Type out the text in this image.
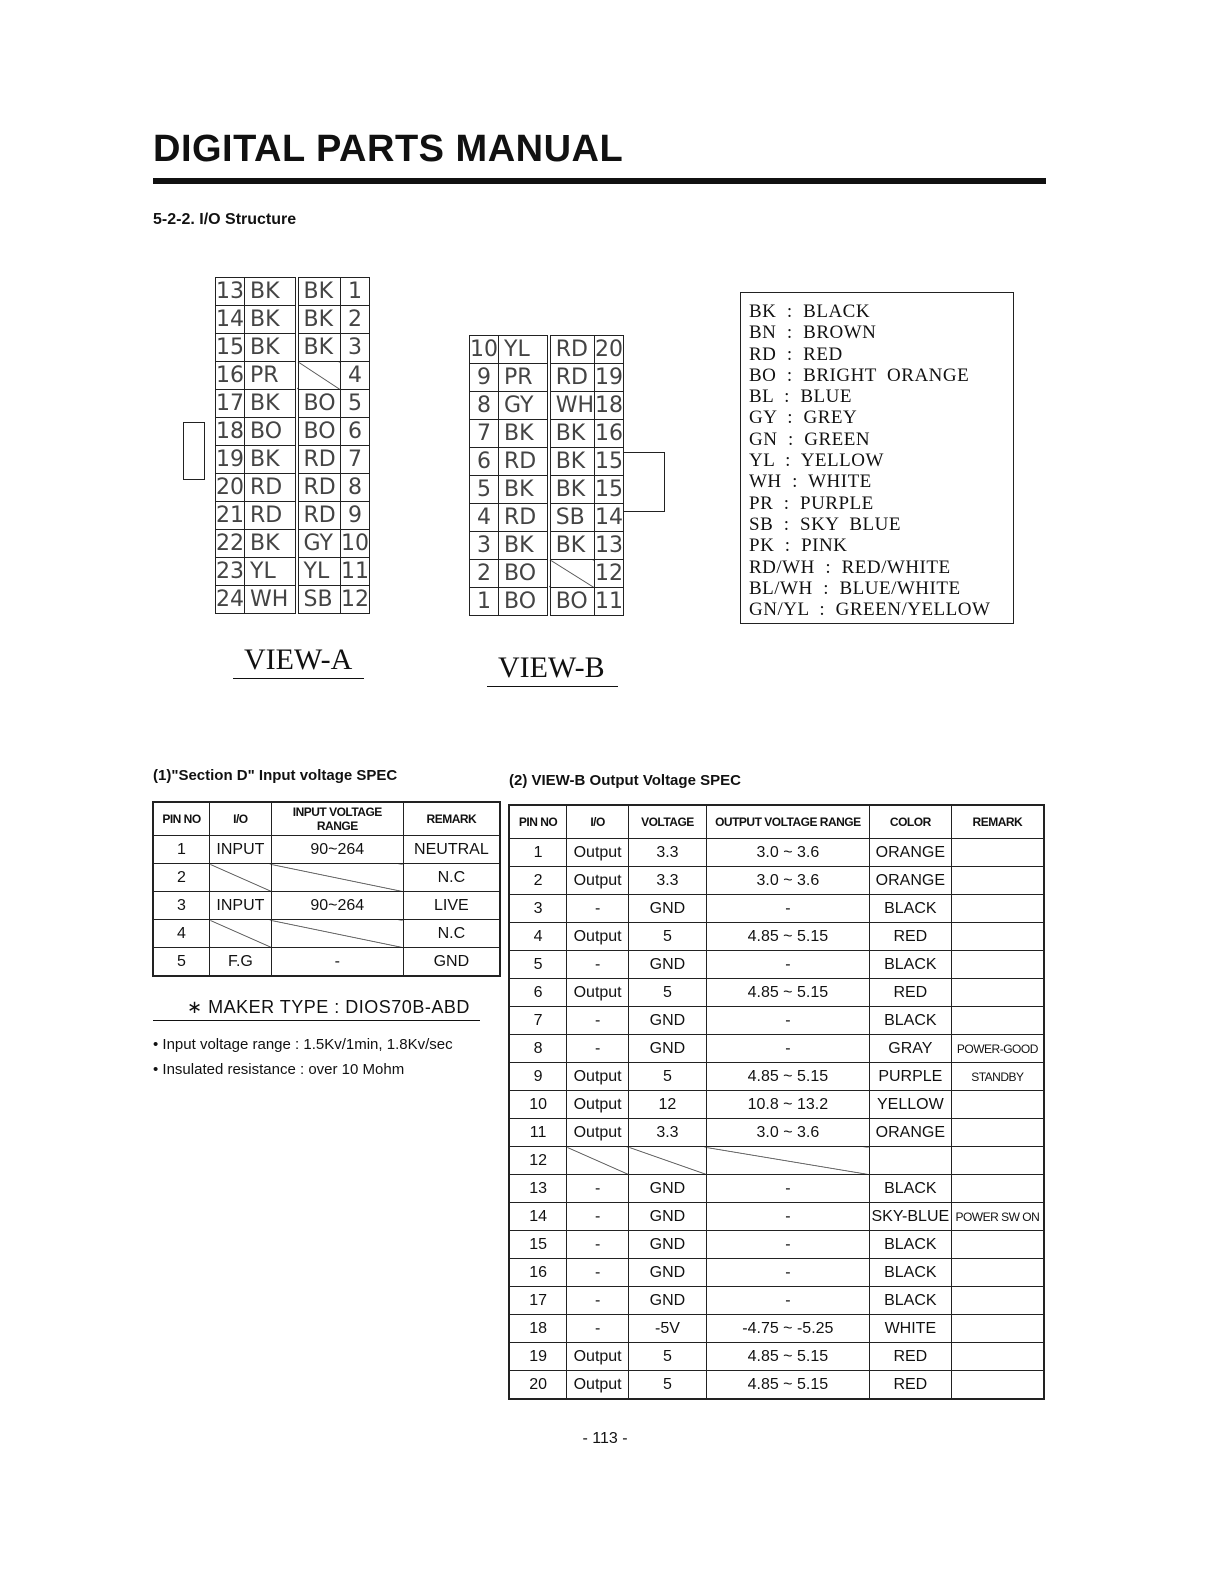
DIGITAL PARTS MANUAL
5-2-2. I/O Structure
13	BK	BK	1
14	BK	BK	2
15	BK	BK	3
16	PR		4
17	BK	BO	5
18	BO	BO	6
19	BK	RD	7
20	RD	RD	8
21	RD	RD	9
22	BK	GY	10
23	YL	YL	11
24	WH	SB	12
VIEW-A
10	YL	RD	20
9	PR	RD	19
8	GY	WH	18
7	BK	BK	16
6	RD	BK	15
5	BK	BK	15
4	RD	SB	14
3	BK	BK	13
2	BO		12
1	BO	BO	11
VIEW-B
BK  :  BLACK
BN  :  BROWN
RD  :  RED
BO  :  BRIGHT  ORANGE
BL  :  BLUE
GY  :  GREY
GN  :  GREEN
YL  :  YELLOW
WH  :  WHITE
PR  :  PURPLE
SB  :  SKY  BLUE
PK  :  PINK
RD/WH  :  RED/WHITE
BL/WH  :  BLUE/WHITE
GN/YL  :  GREEN/YELLOW
(1)"Section D" Input voltage SPEC
PIN NO	I/O	INPUT VOLTAGE RANGE	REMARK
1	INPUT	90~264	NEUTRAL
2			N.C
3	INPUT	90~264	LIVE
4			N.C
5	F.G	-	GND
∗ MAKER TYPE : DIOS70B-ABD
• Input voltage range : 1.5Kv/1min, 1.8Kv/sec
• Insulated resistance : over 10 Mohm
(2) VIEW-B Output Voltage SPEC
PIN NO	I/O	VOLTAGE	OUTPUT VOLTAGE RANGE	COLOR	REMARK
1	Output	3.3	3.0 ~ 3.6	ORANGE	
2	Output	3.3	3.0 ~ 3.6	ORANGE	
3	-	GND	-	BLACK	
4	Output	5	4.85 ~ 5.15	RED	
5	-	GND	-	BLACK	
6	Output	5	4.85 ~ 5.15	RED	
7	-	GND	-	BLACK	
8	-	GND	-	GRAY	POWER-GOOD
9	Output	5	4.85 ~ 5.15	PURPLE	STANDBY
10	Output	12	10.8 ~ 13.2	YELLOW	
11	Output	3.3	3.0 ~ 3.6	ORANGE	
12					
13	-	GND	-	BLACK	
14	-	GND	-	SKY-BLUE	POWER SW ON
15	-	GND	-	BLACK	
16	-	GND	-	BLACK	
17	-	GND	-	BLACK	
18	-	-5V	-4.75 ~ -5.25	WHITE	
19	Output	5	4.85 ~ 5.15	RED	
20	Output	5	4.85 ~ 5.15	RED	
- 113 -
